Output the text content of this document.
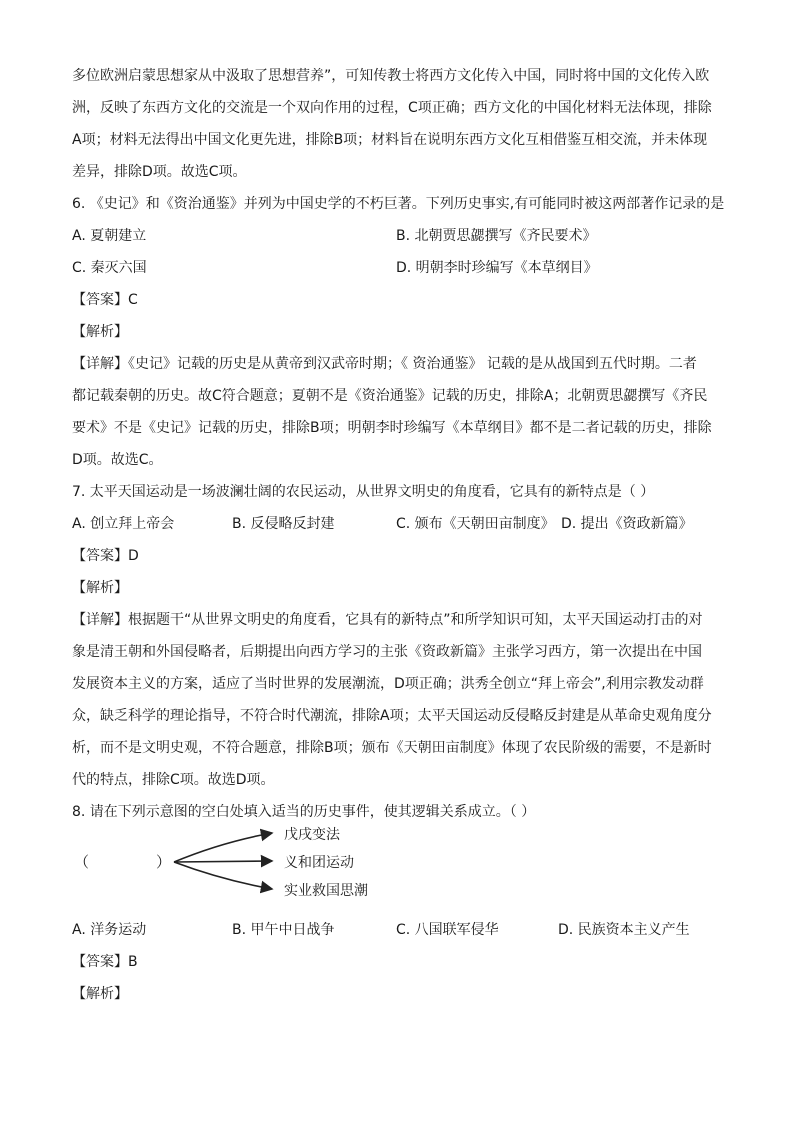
多位欧洲启蒙思想家从中汲取了思想营养”，可知传教士将西方文化传入中国，同时将中国的文化传入欧
洲，反映了东西方文化的交流是一个双向作用的过程，C项正确；西方文化的中国化材料无法体现，排除
A项；材料无法得出中国文化更先进，排除B项；材料旨在说明东西方文化互相借鉴互相交流，并未体现
差异，排除D项。故选C项。
6. 《史记》和《资治通鉴》并列为中国史学的不朽巨著。下列历史事实,有可能同时被这两部著作记录的是
A. 夏朝建立	B. 北朝贾思勰撰写《齐民要术》
C. 秦灭六国	D. 明朝李时珍编写《本草纲目》
【答案】C
【解析】
【详解】《史记》记载的历史是从黄帝到汉武帝时期；《 资治通鉴》 记载的是从战国到五代时期。二者
都记载秦朝的历史。故C符合题意；夏朝不是《资治通鉴》记载的历史，排除A；北朝贾思勰撰写《齐民
要术》不是《史记》记载的历史，排除B项；明朝李时珍编写《本草纲目》都不是二者记载的历史，排除
D项。故选C。
7. 太平天国运动是一场波澜壮阔的农民运动，从世界文明史的角度看，它具有的新特点是（ ）
A. 创立拜上帝会	B. 反侵略反封建	C. 颁布《天朝田亩制度》 D. 提出《资政新篇》
【答案】D
【解析】
【详解】根据题干“从世界文明史的角度看，它具有的新特点”和所学知识可知，太平天国运动打击的对
象是清王朝和外国侵略者，后期提出向西方学习的主张《资政新篇》主张学习西方，第一次提出在中国
发展资本主义的方案，适应了当时世界的发展潮流，D项正确；洪秀全创立“拜上帝会”,利用宗教发动群
众，缺乏科学的理论指导，不符合时代潮流，排除A项；太平天国运动反侵略反封建是从革命史观角度分
析，而不是文明史观，不符合题意，排除B项；颁布《天朝田亩制度》体现了农民阶级的需要，不是新时
代的特点，排除C项。故选D项。
8. 请在下列示意图的空白处填入适当的历史事件，使其逻辑关系成立。（ ）
（	）
戊戌变法
义和团运动
实业救国思潮
A. 洋务运动	B. 甲午中日战争	C. 八国联军侵华	D. 民族资本主义产生
【答案】B
【解析】
